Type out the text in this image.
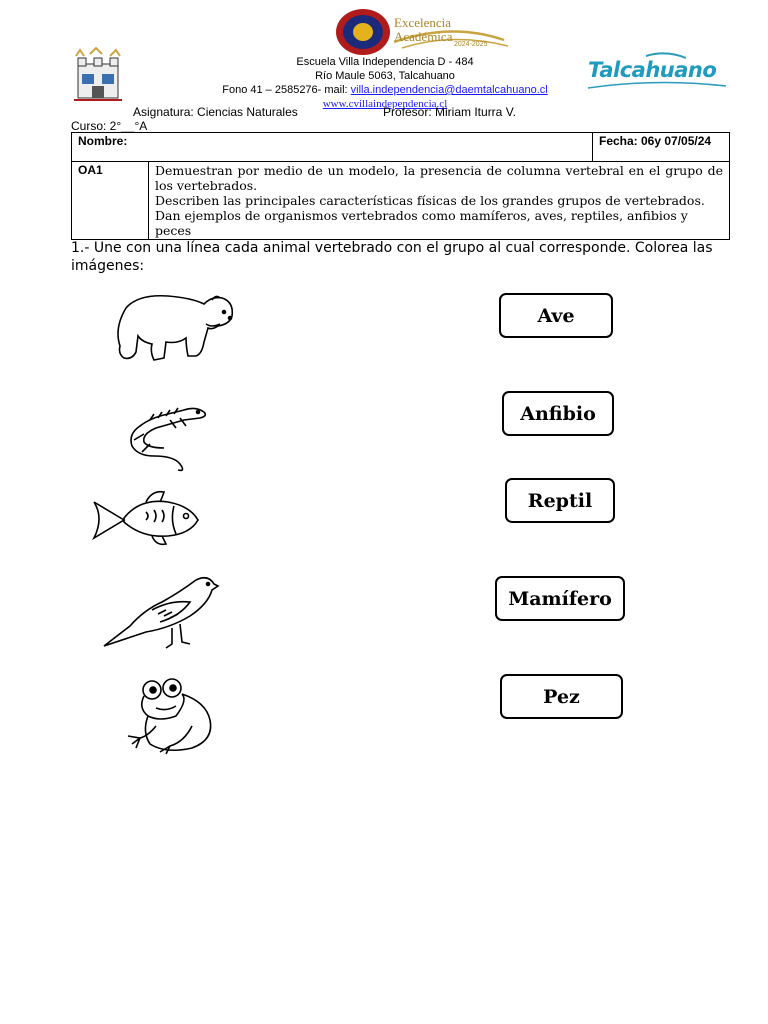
Excelencia Académica
2024-2025
Escuela Villa Independencia D - 484
Río Maule 5063, Talcahuano
Fono 41 – 2585276- mail: villa.independencia@daemtalcahuano.cl
www.cvillaindependencia.cl
Talcahuano
Asignatura: Ciencias Naturales	Profesor: Miriam Iturra V.
Curso: 2°__°A
Nombre:		Fecha: 06y 07/05/24
OA1	Demuestran por medio de un modelo, la presencia de columna vertebral en el grupo de los vertebrados.
Describen las principales características físicas de los grandes grupos de vertebrados.
Dan ejemplos de organismos vertebrados como mamíferos, aves, reptiles, anfibios y peces	
1.- Une con una línea cada animal vertebrado con el grupo al cual corresponde. Colorea las imágenes:
Ave
Anfibio
Reptil
Mamífero
Pez
